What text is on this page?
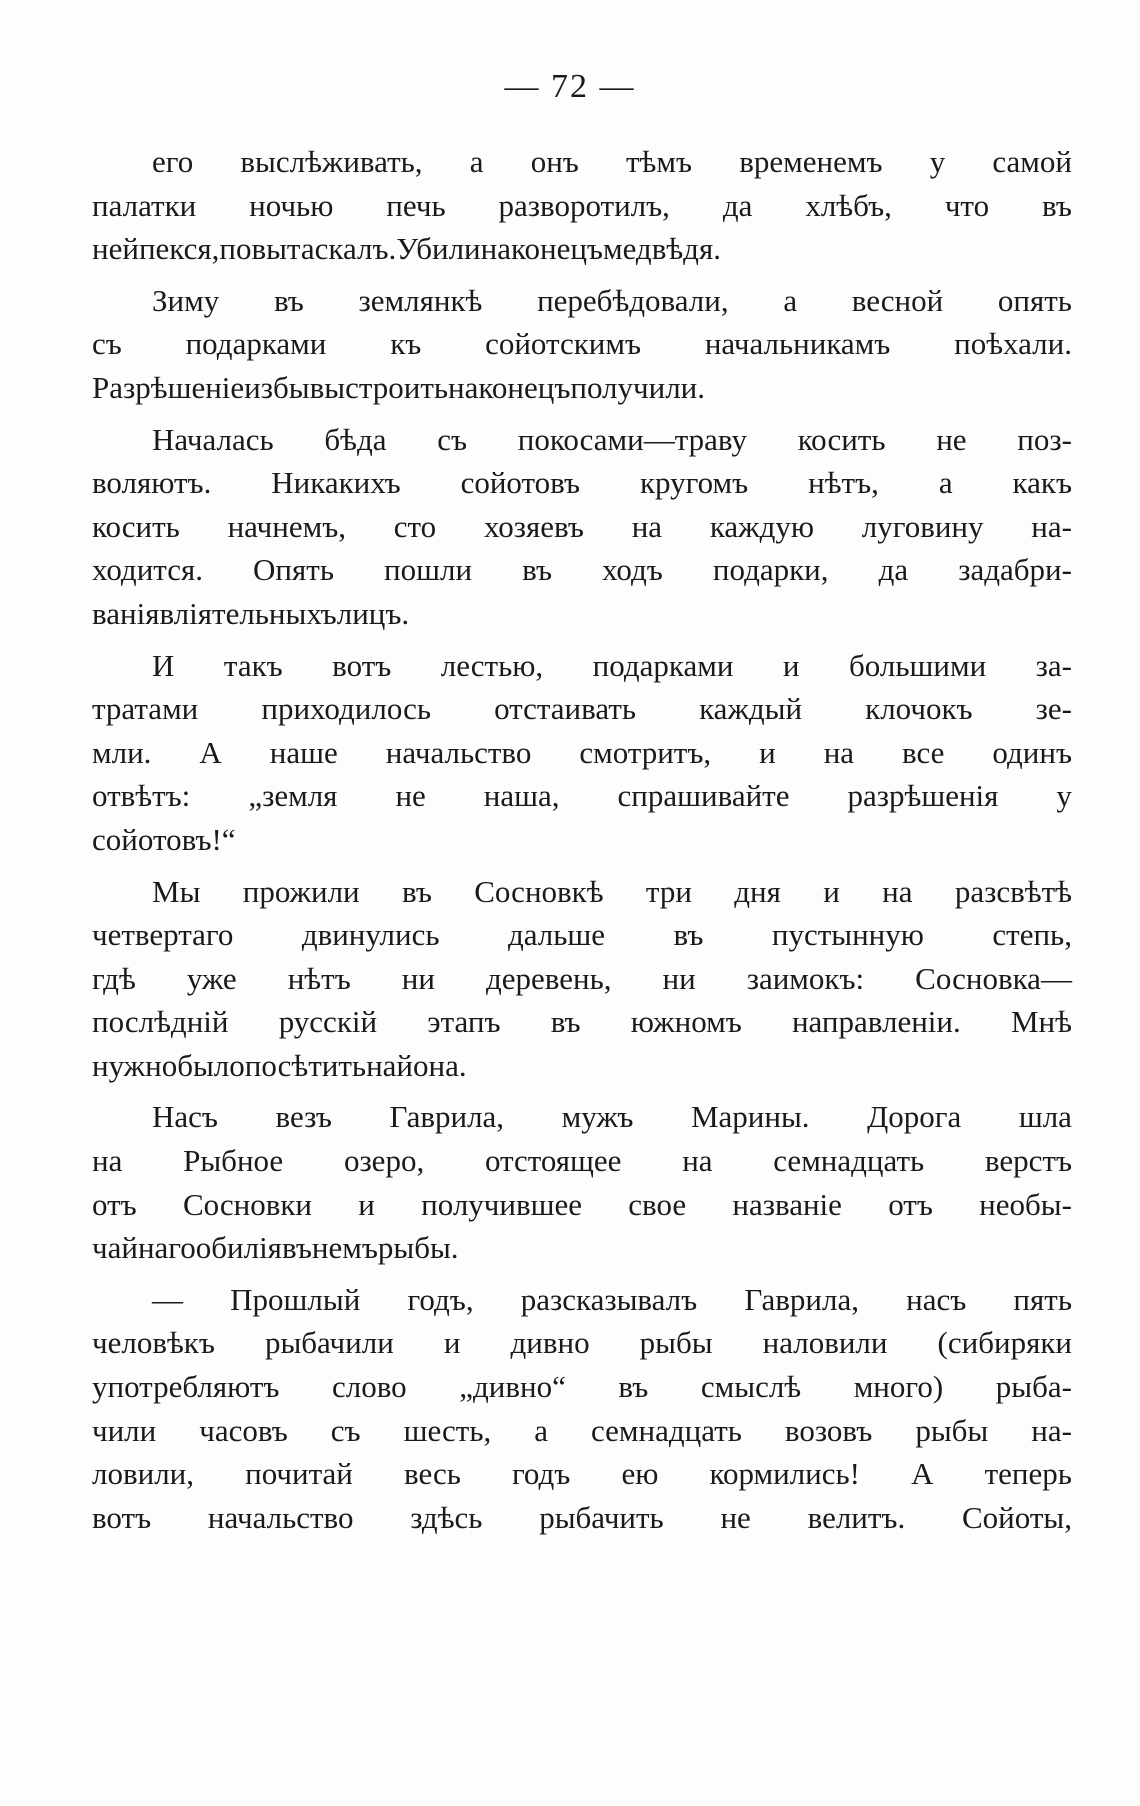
— 72 —
его выслѣживать, а онъ тѣмъ временемъ у самой
палатки ночью печь разворотилъ, да хлѣбъ, что въ
ней пекся, повытаскалъ. Убили наконецъ медвѣдя.
Зиму въ землянкѣ перебѣдовали, а весной опять
съ подарками къ сойотскимъ начальникамъ поѣхали.
Разрѣшеніе избы выстроить наконецъ получили.
Началась бѣда съ покосами—траву косить не поз-
воляютъ. Никакихъ сойотовъ кругомъ нѣтъ, а какъ
косить начнемъ, сто хозяевъ на каждую луговину на-
ходится. Опять пошли въ ходъ подарки, да задабри-
ванія вліятельныхъ лицъ.
И такъ вотъ лестью, подарками и большими за-
тратами приходилось отстаивать каждый клочокъ зе-
мли. А наше начальство смотритъ, и на все одинъ
отвѣтъ: „земля не наша, спрашивайте разрѣшенія у
сойотовъ!“
Мы прожили въ Сосновкѣ три дня и на разсвѣтѣ
четвертаго двинулись дальше въ пустынную степь,
гдѣ уже нѣтъ ни деревень, ни заимокъ: Сосновка—
послѣдній русскій этапъ въ южномъ направленіи. Мнѣ
нужно было посѣтить найона.
Насъ везъ Гаврила, мужъ Марины. Дорога шла
на Рыбное озеро, отстоящее на семнадцать верстъ
отъ Сосновки и получившее свое названіе отъ необы-
чайнаго обилія въ немъ рыбы.
— Прошлый годъ, разсказывалъ Гаврила, насъ пять
человѣкъ рыбачили и дивно рыбы наловили (сибиряки
употребляютъ слово „дивно“ въ смыслѣ много) рыба-
чили часовъ съ шесть, а семнадцать возовъ рыбы на-
ловили, почитай весь годъ ею кормились! А теперь
вотъ начальство здѣсь рыбачить не велитъ. Сойоты,
